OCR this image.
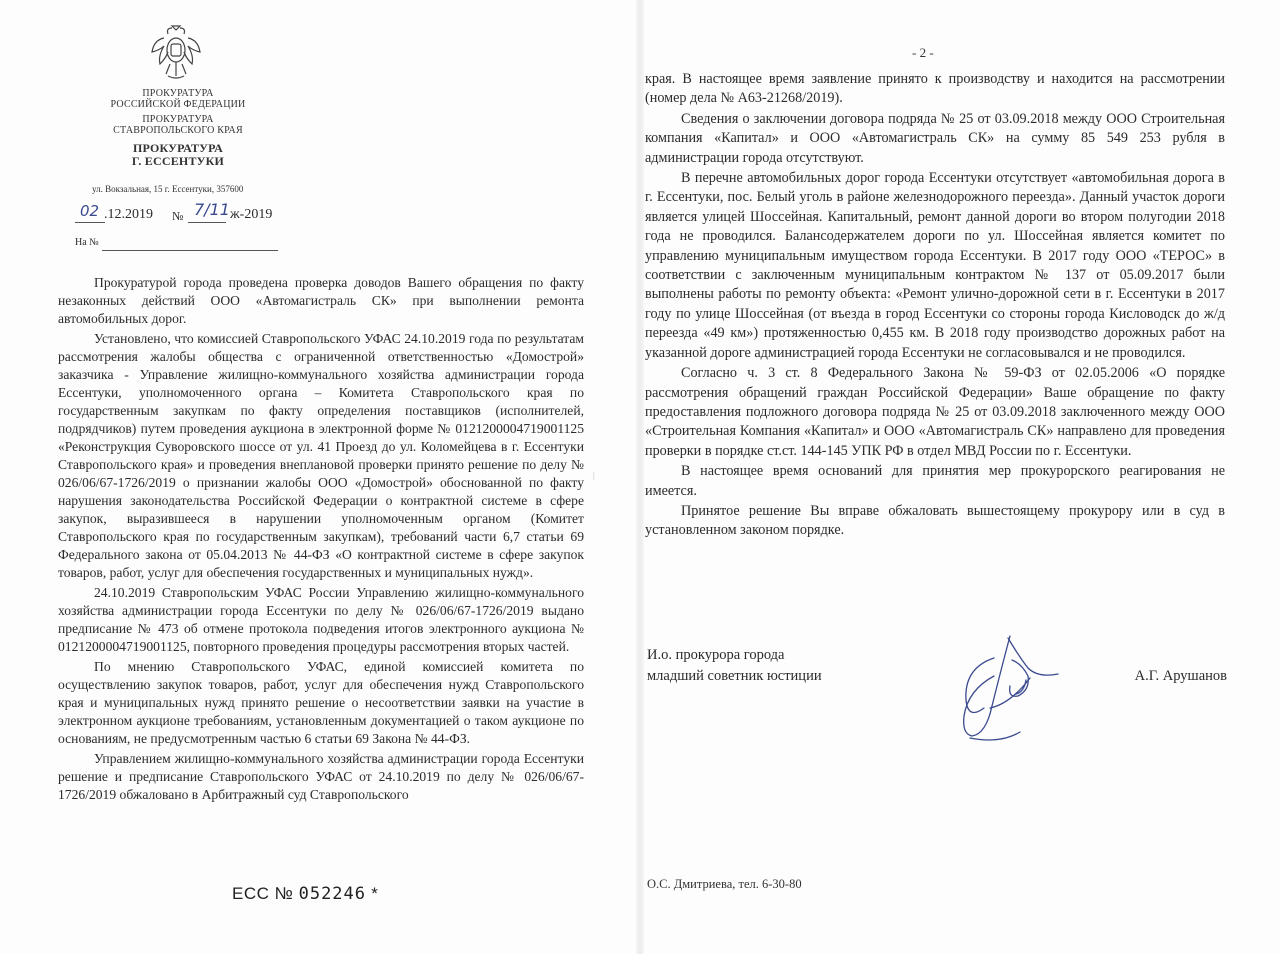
ПРОКУРАТУРА
РОССИЙСКОЙ ФЕДЕРАЦИИ
ПРОКУРАТУРА
СТАВРОПОЛЬСКОГО КРАЯ
ПРОКУРАТУРА
Г. ЕССЕНТУКИ
ул. Вокзальная, 15 г. Ессентуки, 357600
02 .12.2019 № 7/11 ж-2019
На №

Прокуратурой города проведена проверка доводов Вашего обращения по факту незаконных действий ООО «Автомагистраль СК» при выполнении ремонта автомобильных дорог.

Установлено, что комиссией Ставропольского УФАС 24.10.2019 года по результатам рассмотрения жалобы общества с ограниченной ответственностью «Домострой» заказчика - Управление жилищно-коммунального хозяйства администрации города Ессентуки, уполномоченного органа – Комитета Ставропольского края по государственным закупкам по факту определения поставщиков (исполнителей, подрядчиков) путем проведения аукциона в электронной форме № 0121200004719001125 «Реконструкция Суворовского шоссе от ул. 41 Проезд до ул. Коломейцева в г. Ессентуки Ставропольского края» и проведения внеплановой проверки принято решение по делу № 026/06/67-1726/2019 о признании жалобы ООО «Домострой» обоснованной по факту нарушения законодательства Российской Федерации о контрактной системе в сфере закупок, выразившееся в нарушении уполномоченным органом (Комитет Ставропольского края по государственным закупкам), требований части 6,7 статьи 69 Федерального закона от 05.04.2013 № 44-ФЗ «О контрактной системе в сфере закупок товаров, работ, услуг для обеспечения государственных и муниципальных нужд».

24.10.2019 Ставропольским УФАС России Управлению жилищно-коммунального хозяйства администрации города Ессентуки по делу № 026/06/67-1726/2019 выдано предписание № 473 об отмене протокола подведения итогов электронного аукциона № 0121200004719001125, повторного проведения процедуры рассмотрения вторых частей.

По мнению Ставропольского УФАС, единой комиссией комитета по осуществлению закупок товаров, работ, услуг для обеспечения нужд Ставропольского края и муниципальных нужд принято решение о несоответствии заявки на участие в электронном аукционе требованиям, установленным документацией о таком аукционе по основаниям, не предусмотренным частью 6 статьи 69 Закона № 44-ФЗ.

Управлением жилищно-коммунального хозяйства администрации города Ессентуки решение и предписание Ставропольского УФАС от 24.10.2019 по делу № 026/06/67-1726/2019 обжаловано в Арбитражный суд Ставропольского

|
ЕСС № 052246 *
- 2 -

края. В настоящее время заявление принято к производству и находится на рассмотрении (номер дела № А63-21268/2019).

Сведения о заключении договора подряда № 25 от 03.09.2018 между ООО Строительная компания «Капитал» и ООО «Автомагистраль СК» на сумму 85 549 253 рубля в администрации города отсутствуют.

В перечне автомобильных дорог города Ессентуки отсутствует «автомобильная дорога в г. Ессентуки, пос. Белый уголь в районе железнодорожного переезда». Данный участок дороги является улицей Шоссейная. Капитальный, ремонт данной дороги во втором полугодии 2018 года не проводился. Балансодержателем дороги по ул. Шоссейная является комитет по управлению муниципальным имуществом города Ессентуки. В 2017 году ООО «ТЕРОС» в соответствии с заключенным муниципальным контрактом № 137 от 05.09.2017 были выполнены работы по ремонту объекта: «Ремонт улично-дорожной сети в г. Ессентуки в 2017 году по улице Шоссейная (от въезда в город Ессентуки со стороны города Кисловодск до ж/д переезда «49 км») протяженностью 0,455 км. В 2018 году производство дорожных работ на указанной дороге администрацией города Ессентуки не согласовывался и не проводился.

Согласно ч. 3 ст. 8 Федерального Закона № 59-ФЗ от 02.05.2006 «О порядке рассмотрения обращений граждан Российской Федерации» Ваше обращение по факту предоставления подложного договора подряда № 25 от 03.09.2018 заключенного между ООО «Строительная Компания «Капитал» и ООО «Автомагистраль СК» направлено для проведения проверки в порядке ст.ст. 144-145 УПК РФ в отдел МВД России по г. Ессентуки.

В настоящее время оснований для принятия мер прокурорского реагирования не имеется.

Принятое решение Вы вправе обжаловать вышестоящему прокурору или в суд в установленном законом порядке.

И.о. прокурора города
младший советник юстиции	А.Г. Арушанов
О.С. Дмитриева, тел. 6-30-80
